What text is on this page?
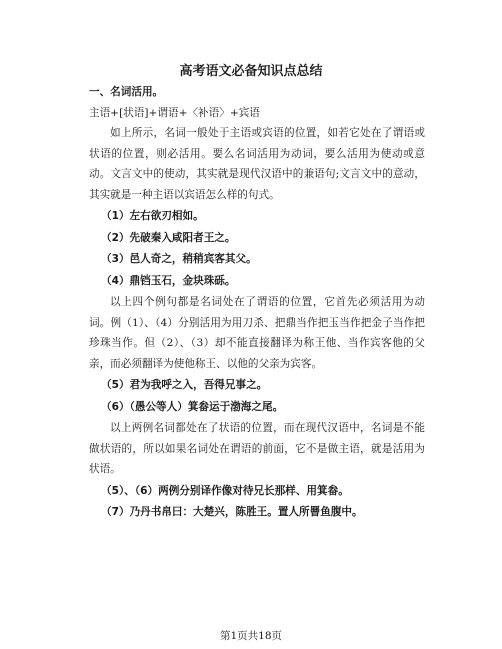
高考语文必备知识点总结

一、名词活用。

主语+[状语]+谓语+〈补语〉+宾语

如上所示，名词一般处于主语或宾语的位置，如若它处在了谓语或状语的位置，则必活用。要么名词活用为动词，要么活用为使动或意动。文言文中的使动，其实就是现代汉语中的兼语句;文言文中的意动，其实就是一种主语以宾语怎么样的句式。

（1）左右欲刃相如。

（2）先破秦入咸阳者王之。

（3）邑人奇之，稍稍宾客其父。

（4）鼎铛玉石，金块珠砾。

以上四个例句都是名词处在了谓语的位置，它首先必须活用为动词。例（1）、（4）分别活用为用刀杀、把鼎当作把玉当作把金子当作把珍珠当作。但（2）、（3）却不能直接翻译为称王他、当作宾客他的父亲，而必须翻译为使他称王、以他的父亲为宾客。

（5）君为我呼之入，吾得兄事之。

（6）（愚公等人）箕畚运于渤海之尾。

以上两例名词都处在了状语的位置，而在现代汉语中，名词是不能做状语的，所以如果名词处在谓语的前面，它不是做主语，就是活用为状语。

（5）、（6）两例分别译作像对待兄长那样、用箕畚。

（7）乃丹书帛曰：大楚兴，陈胜王。置人所罾鱼腹中。

第1页共18页
